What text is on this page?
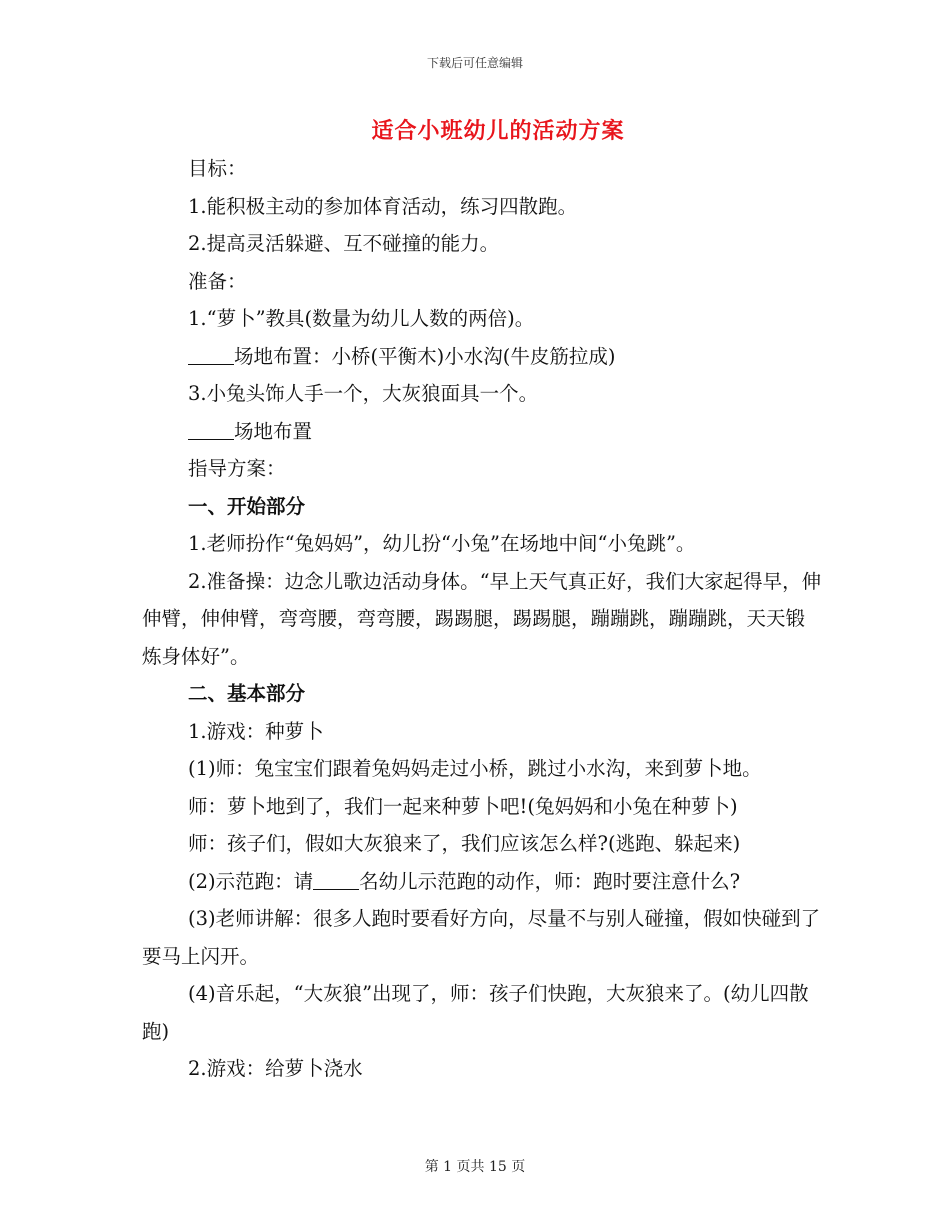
下载后可任意编辑
适合小班幼儿的活动方案

目标：

1.能积极主动的参加体育活动，练习四散跑。

2.提高灵活躲避、互不碰撞的能力。

准备：

1.“萝卜”教具(数量为幼儿人数的两倍)。

场地布置：小桥(平衡木)小水沟(牛皮筋拉成)

3.小兔头饰人手一个，大灰狼面具一个。

场地布置

指导方案：

一、开始部分

1.老师扮作“兔妈妈”，幼儿扮“小兔”在场地中间“小兔跳”。

2.准备操：边念儿歌边活动身体。“早上天气真正好，我们大家起得早，伸伸臂，伸伸臂，弯弯腰，弯弯腰，踢踢腿，踢踢腿，蹦蹦跳，蹦蹦跳，天天锻炼身体好”。

二、基本部分

1.游戏：种萝卜

(1)师：兔宝宝们跟着兔妈妈走过小桥，跳过小水沟，来到萝卜地。

师：萝卜地到了，我们一起来种萝卜吧!(兔妈妈和小兔在种萝卜)

师：孩子们，假如大灰狼来了，我们应该怎么样?(逃跑、躲起来)

(2)示范跑：请 名幼儿示范跑的动作，师：跑时要注意什么?

(3)老师讲解：很多人跑时要看好方向，尽量不与别人碰撞，假如快碰到了要马上闪开。

(4)音乐起，“大灰狼”出现了，师：孩子们快跑，大灰狼来了。(幼儿四散跑)

2.游戏：给萝卜浇水

第 1 页共 15 页
